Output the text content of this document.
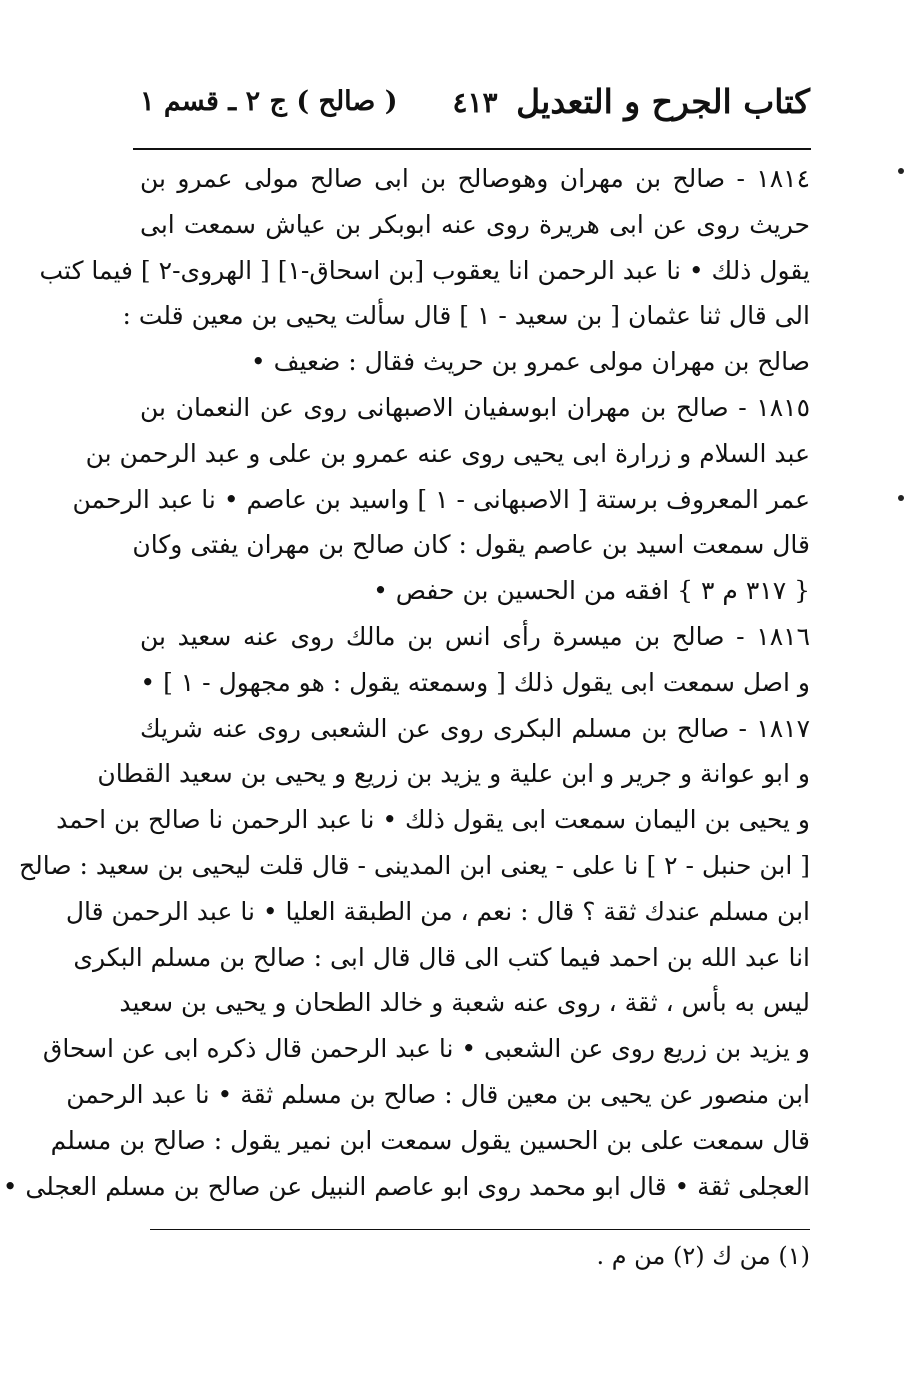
كتاب الجرح و التعديل
٤١٣
( صالح ) ج ٢ ـ قسم ١
١٨١٤ - صالح بن مهران وهوصالح بن ابى صالح مولى عمرو بن
حريث روى عن ابى هريرة روى عنه ابوبكر بن عياش سمعت ابى
يقول ذلك • نا عبد الرحمن انا يعقوب [بن اسحاق-١] [ الهروى-٢ ] فيما كتب
الى قال ثنا عثمان [ بن سعيد - ١ ] قال سألت يحيى بن معين قلت :
صالح بن مهران مولى عمرو بن حريث فقال : ضعيف •
١٨١٥ - صالح بن مهران ابوسفيان الاصبهانى روى عن النعمان بن
عبد السلام و زرارة ابى يحيى روى عنه عمرو بن على و عبد الرحمن بن
عمر المعروف برستة [ الاصبهانى - ١ ] واسيد بن عاصم • نا عبد الرحمن
قال سمعت اسيد بن عاصم يقول : كان صالح بن مهران يفتى وكان
{ ٣١٧ م ٣ } افقه من الحسين بن حفص •
١٨١٦ - صالح بن ميسرة رأى انس بن مالك روى عنه سعيد بن
و اصل سمعت ابى يقول ذلك [ وسمعته يقول : هو مجهول - ١ ] •
١٨١٧ - صالح بن مسلم البكرى روى عن الشعبى روى عنه شريك
و ابو عوانة و جرير و ابن علية و يزيد بن زريع و يحيى بن سعيد القطان
و يحيى بن اليمان سمعت ابى يقول ذلك • نا عبد الرحمن نا صالح بن احمد
[ ابن حنبل - ٢ ] نا على - يعنى ابن المدينى - قال قلت ليحيى بن سعيد : صالح
ابن مسلم عندك ثقة ؟ قال : نعم ، من الطبقة العليا • نا عبد الرحمن قال
انا عبد الله بن احمد فيما كتب الى قال قال ابى : صالح بن مسلم البكرى
ليس به بأس ، ثقة ، روى عنه شعبة و خالد الطحان و يحيى بن سعيد
و يزيد بن زريع روى عن الشعبى • نا عبد الرحمن قال ذكره ابى عن اسحاق
ابن منصور عن يحيى بن معين قال : صالح بن مسلم ثقة • نا عبد الرحمن
قال سمعت على بن الحسين يقول سمعت ابن نمير يقول : صالح بن مسلم
العجلى ثقة • قال ابو محمد روى ابو عاصم النبيل عن صالح بن مسلم العجلى •
(١) من ك (٢) من م .
